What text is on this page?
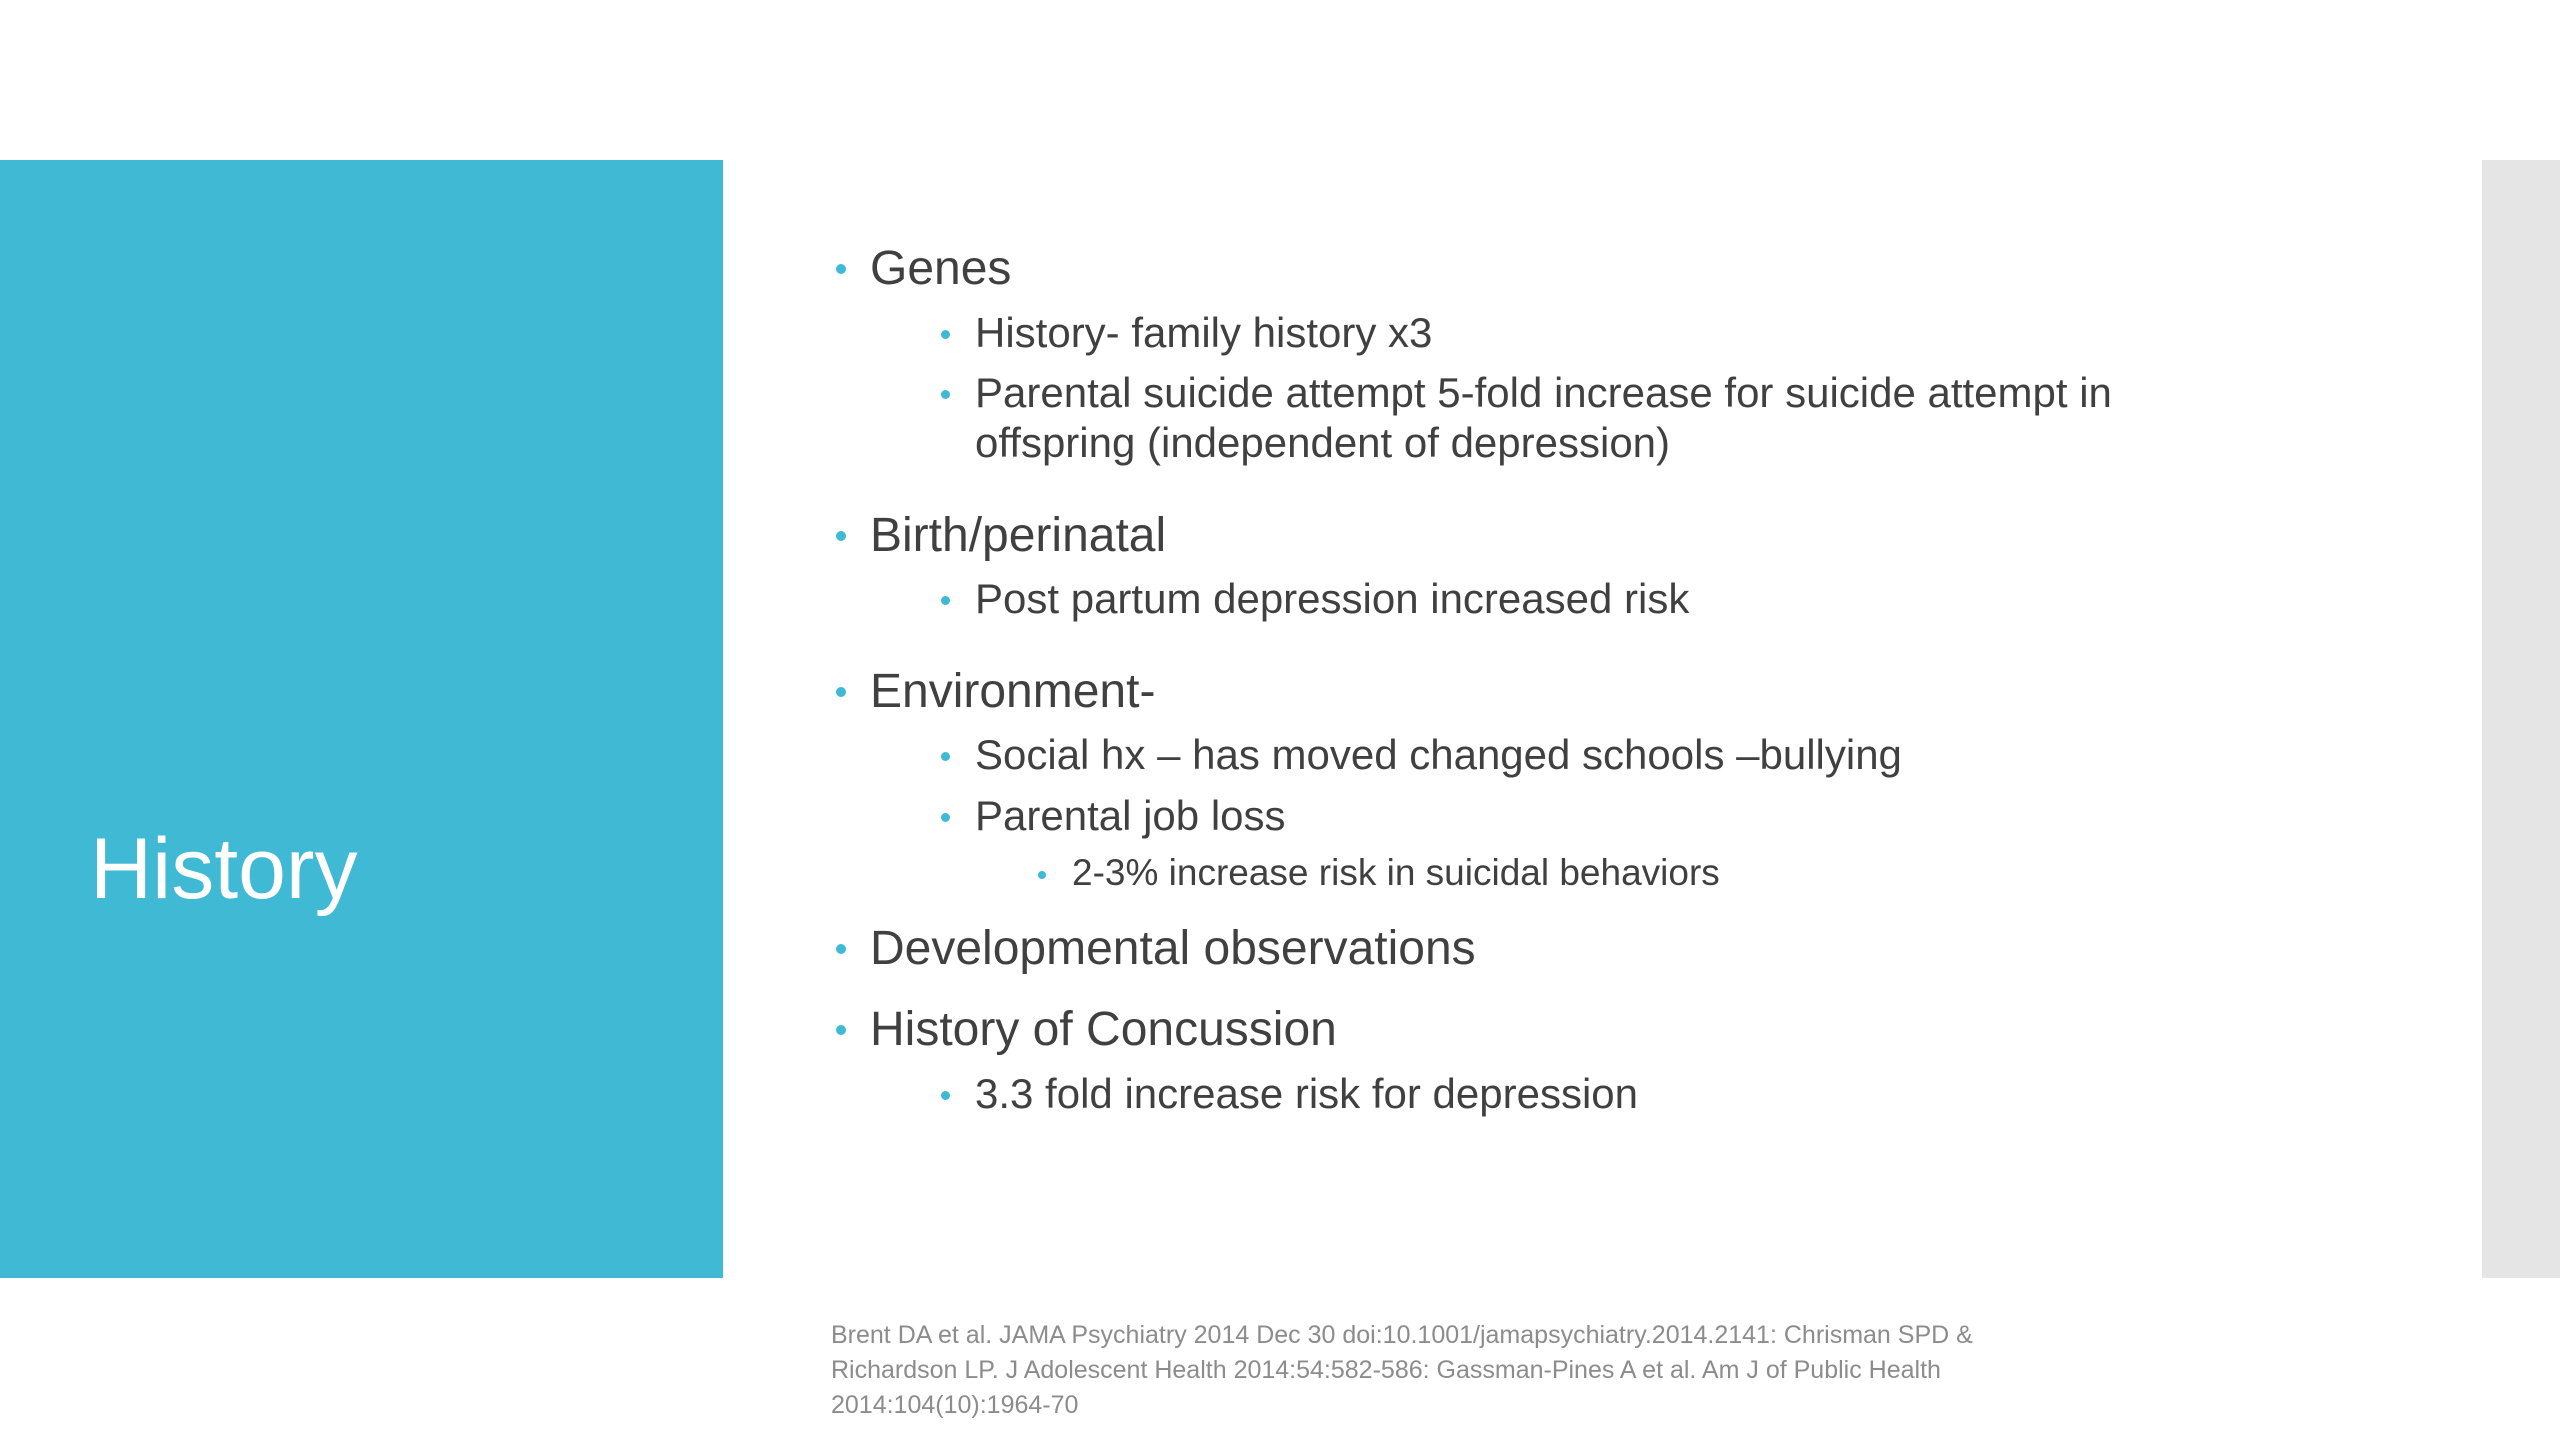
History
Genes
History- family history x3
Parental suicide attempt 5-fold increase for suicide attempt in offspring (independent of depression)
Birth/perinatal
Post partum depression increased risk
Environment-
Social hx – has moved changed schools –bullying
Parental job loss
2-3% increase risk in suicidal behaviors
Developmental observations
History of Concussion
3.3 fold increase risk for depression

Brent DA et al. JAMA Psychiatry 2014 Dec 30 doi:10.1001/jamapsychiatry.2014.2141: Chrisman SPD & Richardson LP. J Adolescent Health 2014:54:582-586: Gassman-Pines A et al. Am J of Public Health 2014:104(10):1964-70
